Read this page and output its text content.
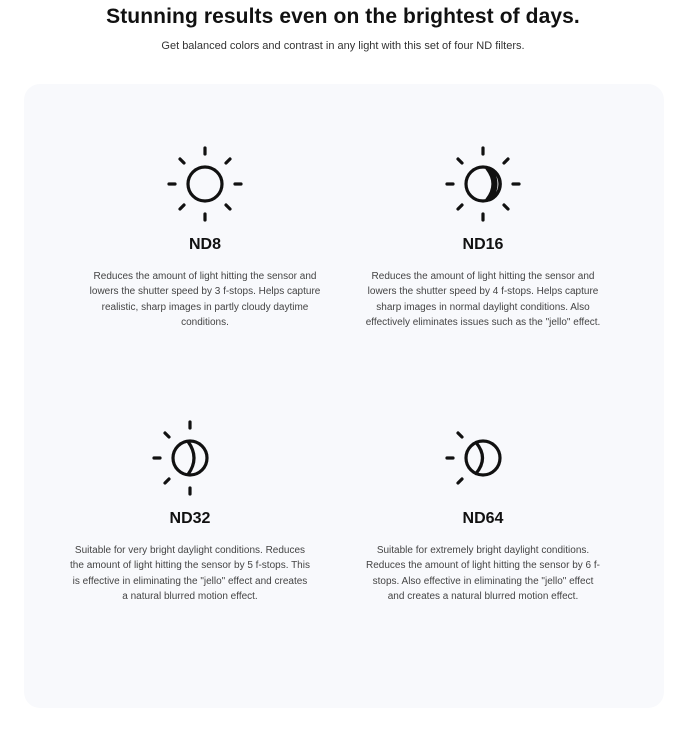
Stunning results even on the brightest of days.

Get balanced colors and contrast in any light with this set of four ND filters.

ND8

Reduces the amount of light hitting the sensor and lowers the shutter speed by 3 f-stops. Helps capture realistic, sharp images in partly cloudy daytime conditions.

ND16

Reduces the amount of light hitting the sensor and lowers the shutter speed by 4 f-stops. Helps capture sharp images in normal daylight conditions. Also effectively eliminates issues such as the "jello" effect.

ND32

Suitable for very bright daylight conditions. Reduces the amount of light hitting the sensor by 5 f-stops. This is effective in eliminating the "jello" effect and creates a natural blurred motion effect.

ND64

Suitable for extremely bright daylight conditions. Reduces the amount of light hitting the sensor by 6 f-stops. Also effective in eliminating the "jello" effect and creates a natural blurred motion effect.
